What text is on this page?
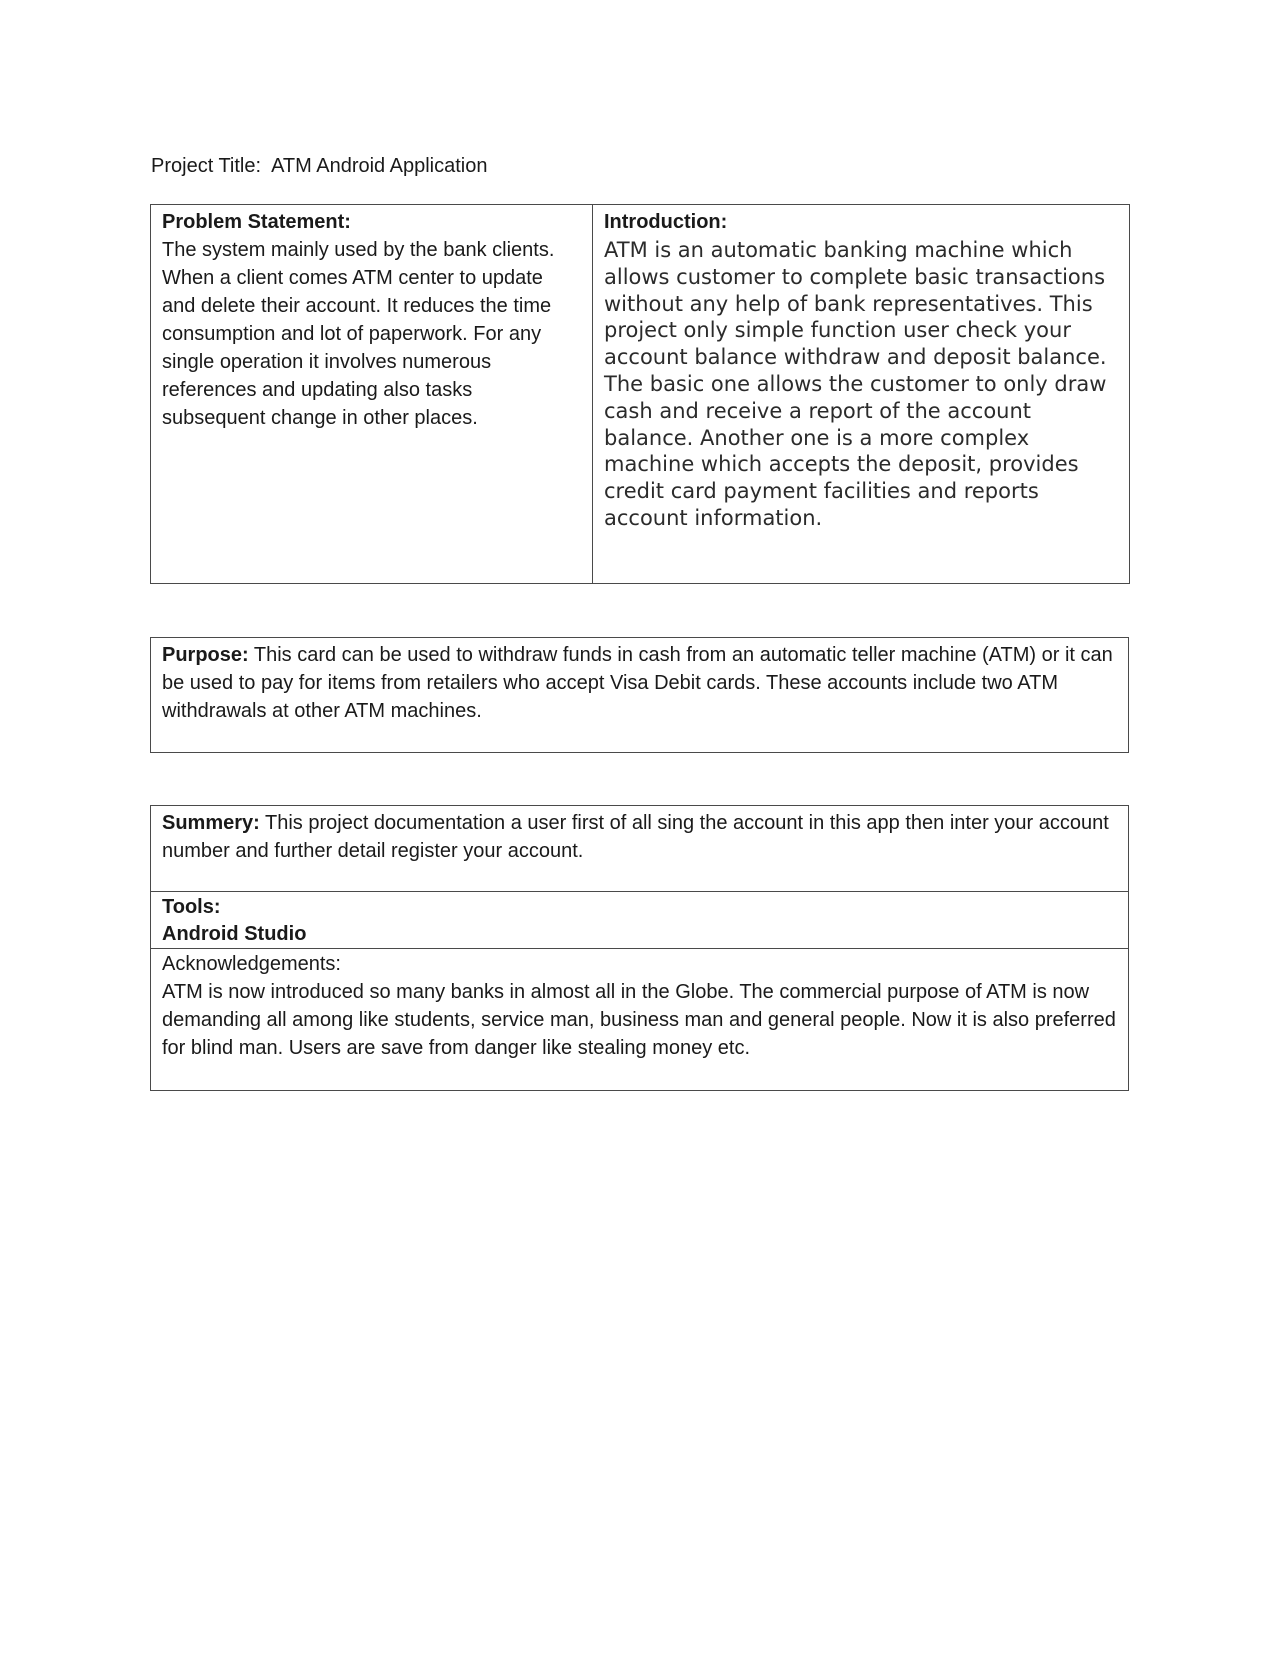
Project Title: ATM Android Application
Problem Statement:
The system mainly used by the bank clients. When a client comes ATM center to update and delete their account. It reduces the time consumption and lot of paperwork. For any single operation it involves numerous references and updating also tasks subsequent change in other places.

Introduction:
ATM is an automatic banking machine which allows customer to complete basic transactions without any help of bank representatives. This project only simple function user check your account balance withdraw and deposit balance. The basic one allows the customer to only draw cash and receive a report of the account balance. Another one is a more complex machine which accepts the deposit, provides credit card payment facilities and reports account information.
Purpose: This card can be used to withdraw funds in cash from an automatic teller machine (ATM) or it can be used to pay for items from retailers who accept Visa Debit cards. These accounts include two ATM withdrawals at other ATM machines.
Summery: This project documentation a user first of all sing the account in this app then inter your account number and further detail register your account.

Tools:
Android Studio

Acknowledgements:
ATM is now introduced so many banks in almost all in the Globe. The commercial purpose of ATM is now demanding all among like students, service man, business man and general people. Now it is also preferred for blind man. Users are save from danger like stealing money etc.
